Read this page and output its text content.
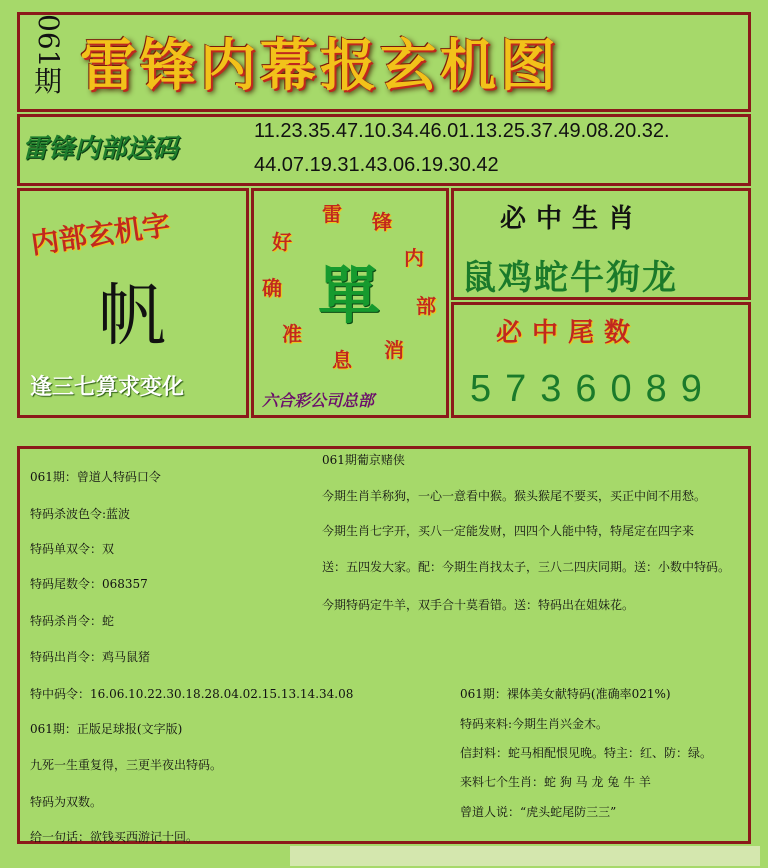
061
期 雷锋内幕报玄机图
雷锋内部送码
11.23.35.47.10.34.46.01.13.25.37.49.08.20.32.
44.07.19.31.43.06.19.30.42
内部玄机字
帆
逢三七算求变化
單
雷 锋
内
部
消
息
准
确
好
六合彩公司总部
必中生肖
鼠鸡蛇牛狗龙
必中尾数
5736089
061期：曾道人特码口令
特码杀波色令:蓝波
特码单双令：双
特码尾数令：068357
特码杀肖令：蛇
特码出肖令：鸡马鼠猪
特中码令：16.06.10.22.30.18.28.04.02.15.13.14.34.08
061期：正版足球报(文字版)
九死一生重复得，三更半夜出特码。
特码为双数。
给一句话：欲钱买西游记十回。
061期葡京赌侠
今期生肖羊称狗，一心一意看中猴。猴头猴尾不要买，买正中间不用愁。
今期生肖七字开，买八一定能发财，四四个人能中特，特尾定在四字来
送：五四发大家。配：今期生肖找太子，三八二四庆同期。送：小数中特码。
今期特码定牛羊，双手合十莫看错。送：特码出在姐妹花。
061期：裸体美女献特码(准确率021%)
特码来料:今期生肖兴金木。
信封料：蛇马相配恨见晚。特主：红、防：绿。
来料七个生肖：蛇 狗 马 龙 兔 牛 羊
曾道人说：“虎头蛇尾防三三”
